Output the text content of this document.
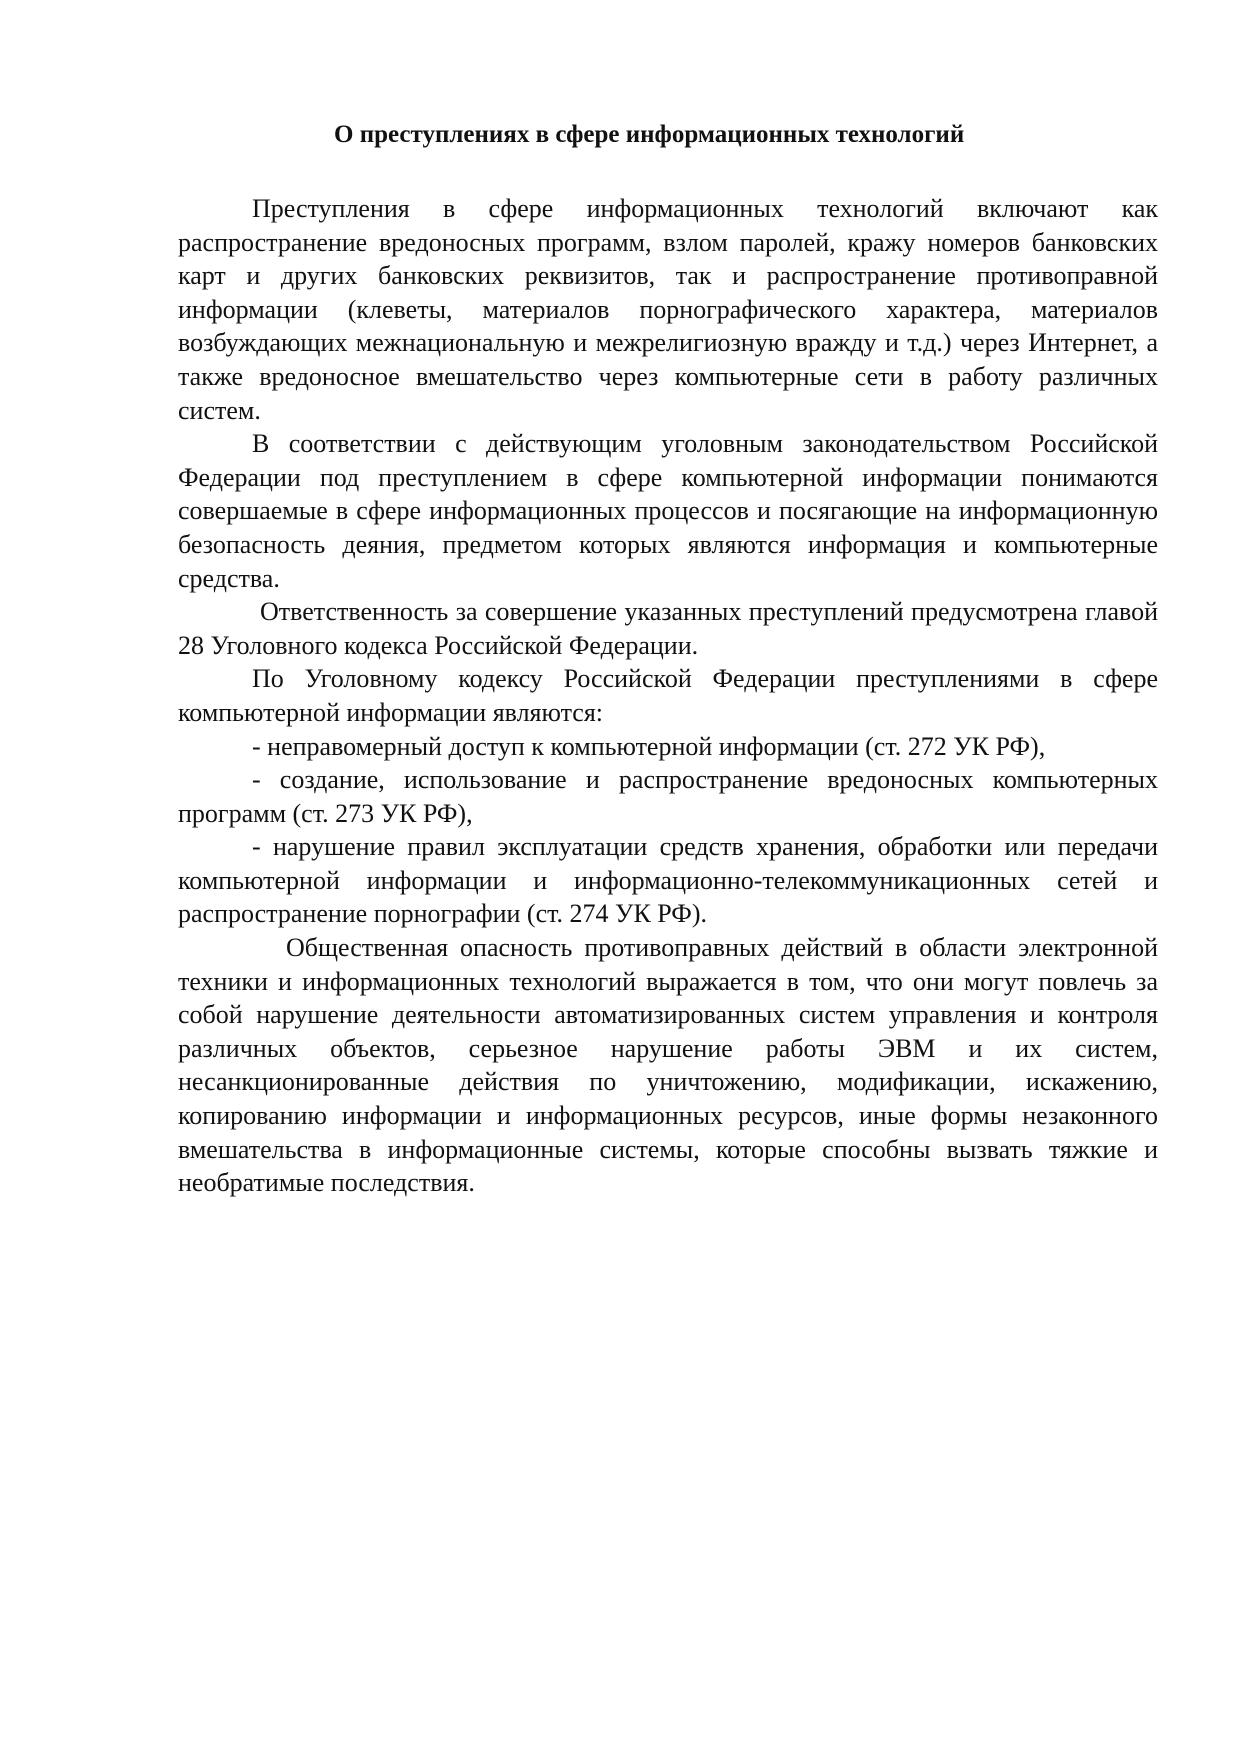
О преступлениях в сфере информационных технологий

Преступления в сфере информационных технологий включают как распространение вредоносных программ, взлом паролей, кражу номеров банковских карт и других банковских реквизитов, так и распространение противоправной информации (клеветы, материалов порнографического характера, материалов возбуждающих межнациональную и межрелигиозную вражду и т.д.) через Интернет, а также вредоносное вмешательство через компьютерные сети в работу различных систем.

В соответствии с действующим уголовным законодательством Российской Федерации под преступлением в сфере компьютерной информации понимаются совершаемые в сфере информационных процессов и посягающие на информационную безопасность деяния, предметом которых являются информация и компьютерные средства.

Ответственность за совершение указанных преступлений предусмотрена главой 28 Уголовного кодекса Российской Федерации.

По Уголовному кодексу Российской Федерации преступлениями в сфере компьютерной информации являются:

- неправомерный доступ к компьютерной информации (ст. 272 УК РФ),

- создание, использование и распространение вредоносных компьютерных программ (ст. 273 УК РФ),

- нарушение правил эксплуатации средств хранения, обработки или передачи компьютерной информации и информационно-телекоммуникационных сетей и распространение порнографии (ст. 274 УК РФ).

Общественная опасность противоправных действий в области электронной техники и информационных технологий выражается в том, что они могут повлечь за собой нарушение деятельности автоматизированных систем управления и контроля различных объектов, серьезное нарушение работы ЭВМ и их систем, несанкционированные действия по уничтожению, модификации, искажению, копированию информации и информационных ресурсов, иные формы незаконного вмешательства в информационные системы, которые способны вызвать тяжкие и необратимые последствия.
